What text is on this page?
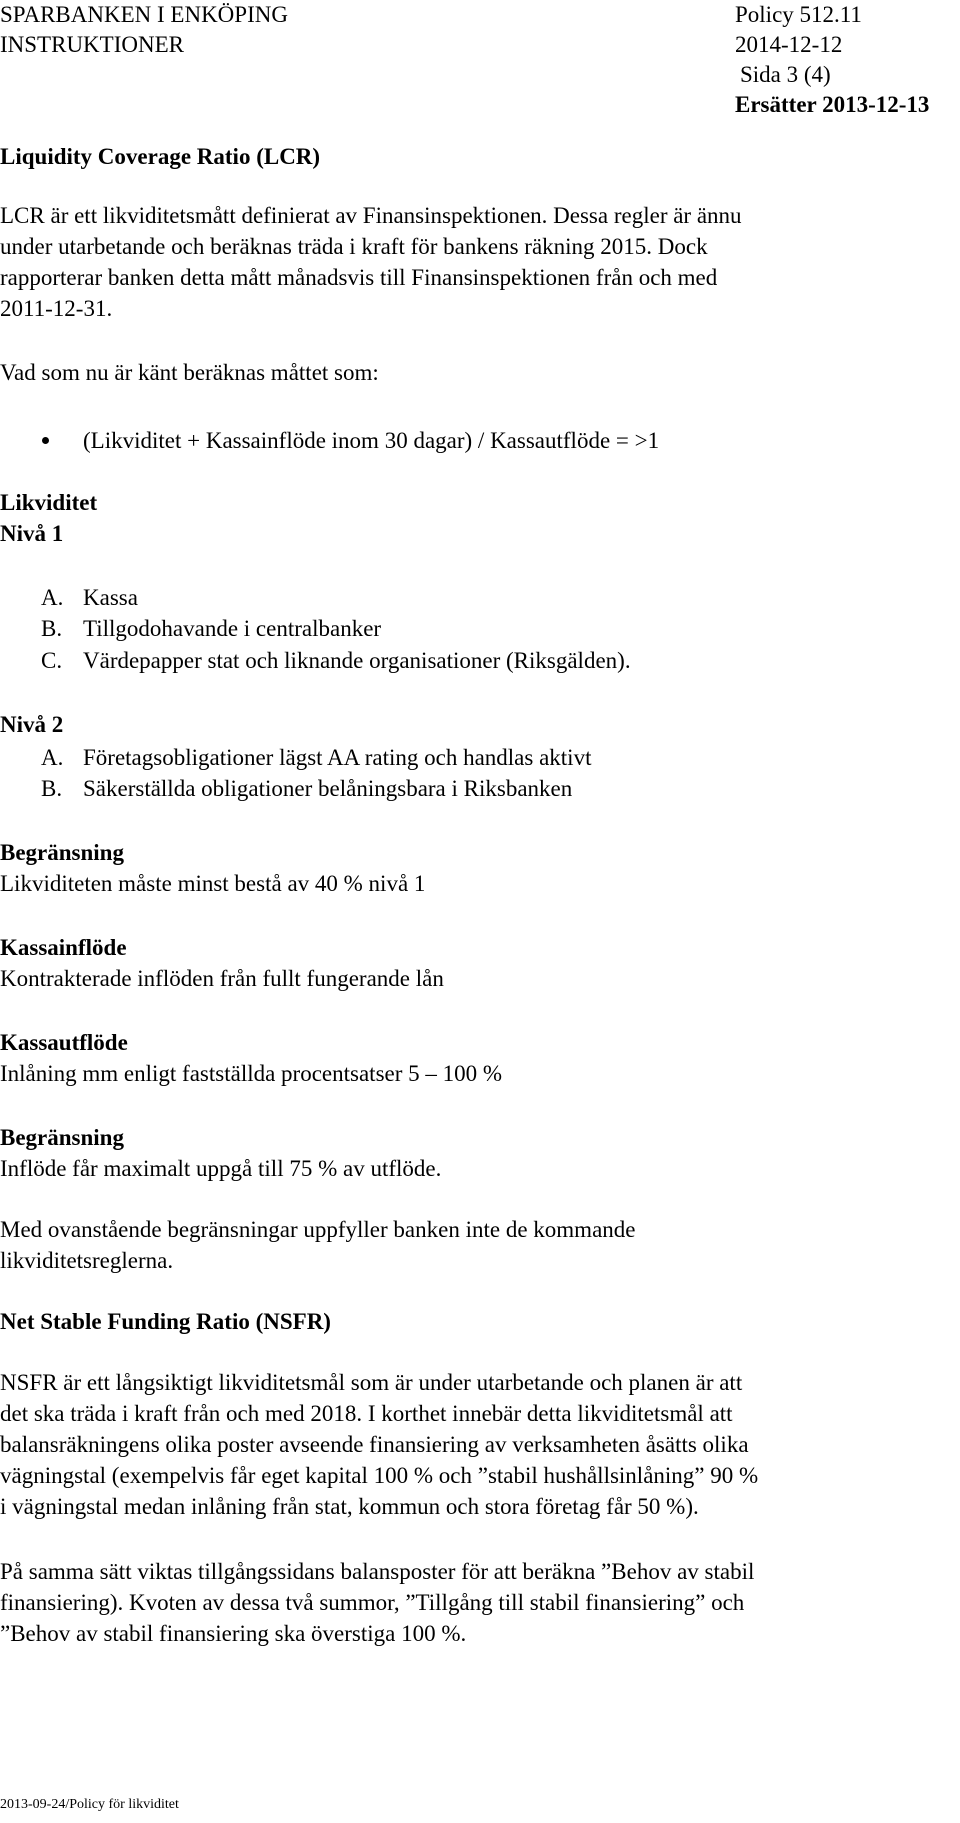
SPARBANKEN I ENKÖPING
INSTRUKTIONER
Policy 512.11
2014-12-12
Sida 3 (4)
Ersätter 2013-12-13
Liquidity Coverage Ratio (LCR)
LCR är ett likviditetsmått definierat av Finansinspektionen. Dessa regler är ännu
under utarbetande och beräknas träda i kraft för bankens räkning 2015. Dock
rapporterar banken detta mått månadsvis till Finansinspektionen från och med
2011-12-31.
Vad som nu är känt beräknas måttet som:
(Likviditet + Kassainflöde inom 30 dagar) / Kassautflöde = >1
Likviditet
Nivå 1
A. Kassa
B. Tillgodohavande i centralbanker
C. Värdepapper stat och liknande organisationer (Riksgälden).
Nivå 2
A. Företagsobligationer lägst AA rating och handlas aktivt
B. Säkerställda obligationer belåningsbara i Riksbanken
Begränsning
Likviditeten måste minst bestå av 40 % nivå 1
Kassainflöde
Kontrakterade inflöden från fullt fungerande lån
Kassautflöde
Inlåning mm enligt fastställda procentsatser 5 – 100 %
Begränsning
Inflöde får maximalt uppgå till 75 % av utflöde.
Med ovanstående begränsningar uppfyller banken inte de kommande
likviditetsreglerna.
Net Stable Funding Ratio (NSFR)
NSFR är ett långsiktigt likviditetsmål som är under utarbetande och planen är att
det ska träda i kraft från och med 2018. I korthet innebär detta likviditetsmål att
balansräkningens olika poster avseende finansiering av verksamheten åsätts olika
vägningstal (exempelvis får eget kapital 100 % och ”stabil hushållsinlåning” 90 %
i vägningstal medan inlåning från stat, kommun och stora företag får 50 %).
På samma sätt viktas tillgångssidans balansposter för att beräkna ”Behov av stabil
finansiering). Kvoten av dessa två summor, ”Tillgång till stabil finansiering” och
”Behov av stabil finansiering ska överstiga 100 %.
2013-09-24/Policy för likviditet
